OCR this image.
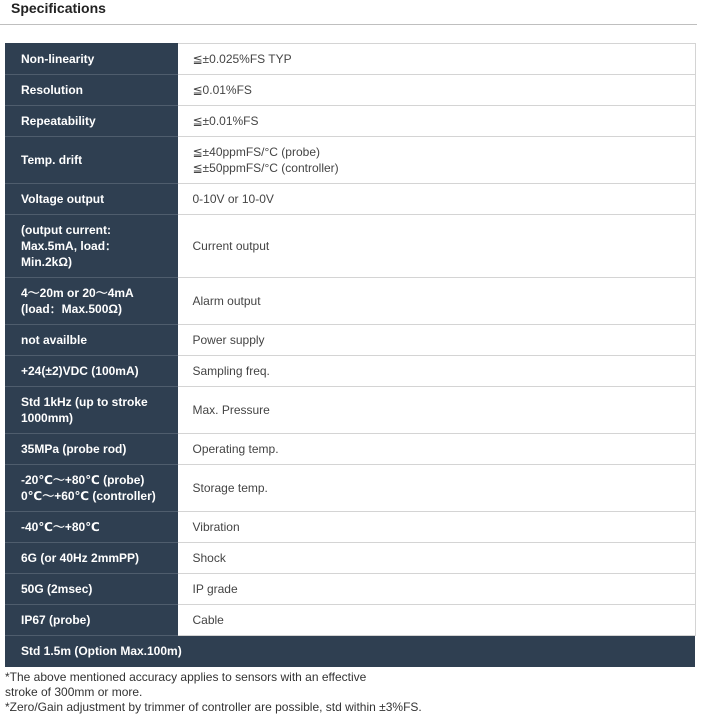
Specifications
Non-linearity	≦±0.025%FS TYP

Resolution	≦0.01%FS

Repeatability	≦±0.01%FS

Temp. drift	≦±40ppmFS/°C (probe)
≦±50ppmFS/°C (controller)

Voltage output	0-10V or 10-0V

(output current:
Max.5mA, load：
Min.2kΩ)	Current output

4～20m or 20～4mA
(load：Max.500Ω)	Alarm output

not availble	Power supply

+24(±2)VDC (100mA)	Sampling freq.

Std 1kHz (up to stroke
1000mm)	Max. Pressure

35MPa (probe rod)	Operating temp.

-20℃～+80℃ (probe)
0℃～+60℃ (controller)	Storage temp.

-40℃～+80℃	Vibration

6G (or 40Hz 2mmPP)	Shock

50G (2msec)	IP grade

IP67 (probe)	Cable

Std 1.5m (Option Max.100m)	
*The above mentioned accuracy applies to sensors with an effective
stroke of 300mm or more.
*Zero/Gain adjustment by trimmer of controller are possible, std within ±3%FS.
